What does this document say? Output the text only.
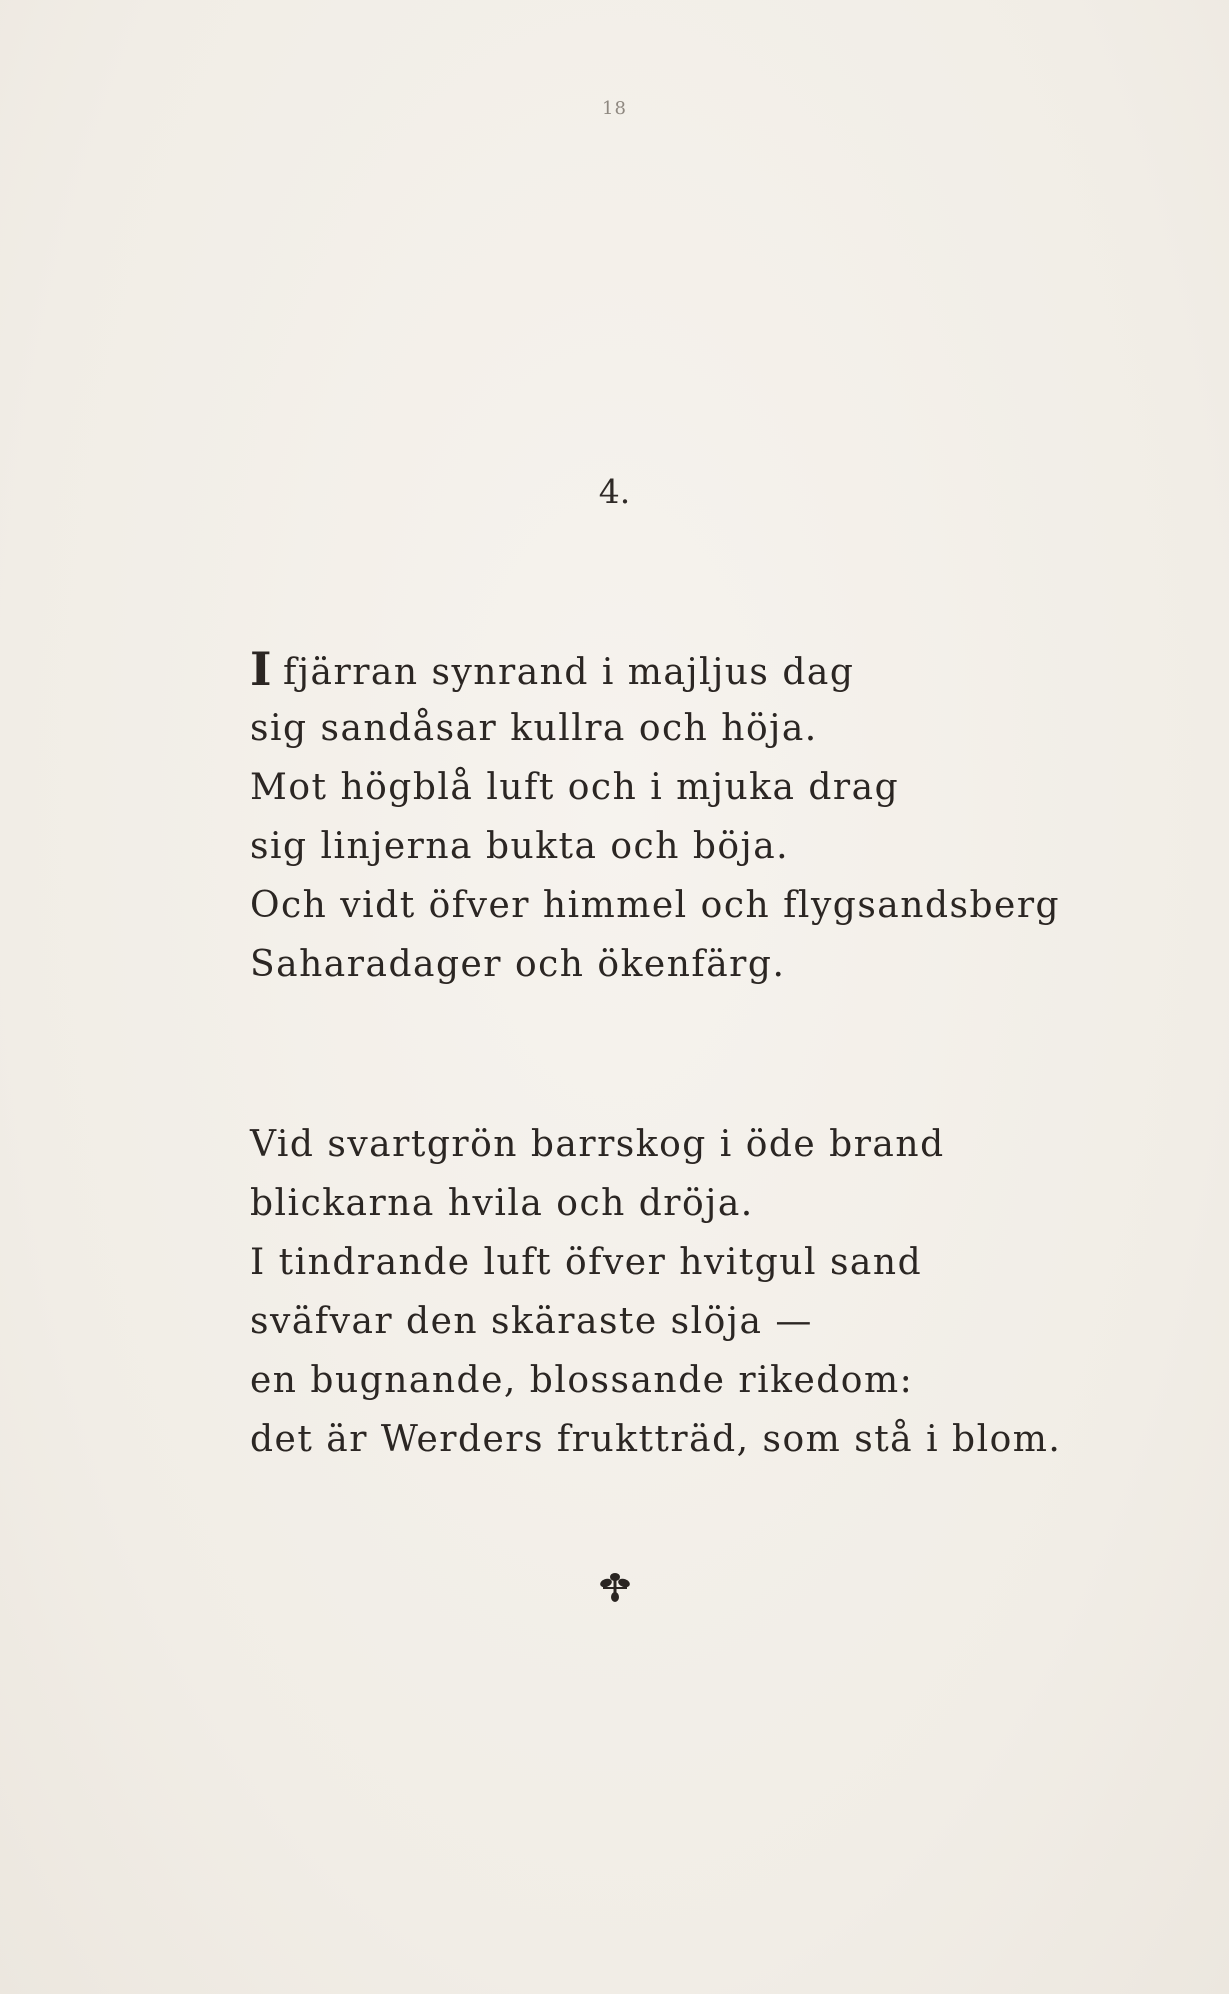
18
4.
I fjärran synrand i majljus dag
sig sandåsar kullra och höja.
Mot högblå luft och i mjuka drag
sig linjerna bukta och böja.
Och vidt öfver himmel och flygsandsberg
Saharadager och ökenfärg.
Vid svartgrön barrskog i öde brand
blickarna hvila och dröja.
I tindrande luft öfver hvitgul sand
sväfvar den skäraste slöja —
en bugnande, blossande rikedom:
det är Werders fruktträd, som stå i blom.
